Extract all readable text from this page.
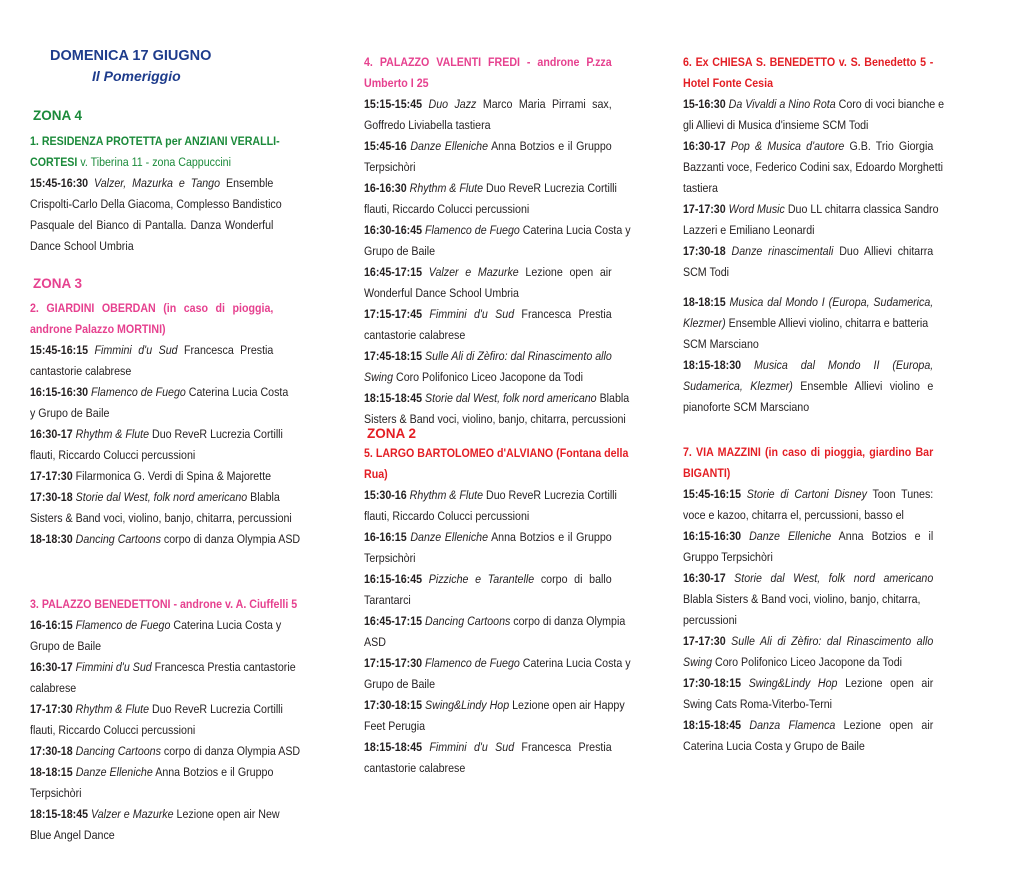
DOMENICA 17 GIUGNO
Il Pomeriggio
ZONA 4
1. RESIDENZA PROTETTA per ANZIANI VERALLI-
CORTESI v. Tiberina 11 - zona Cappuccini
15:45-16:30 Valzer, Mazurka e Tango Ensemble
Crispolti-Carlo Della Giacoma, Complesso Bandistico
Pasquale del Bianco di Pantalla. Danza Wonderful
Dance School Umbria
ZONA 3
2. GIARDINI OBERDAN (in caso di pioggia,
androne Palazzo MORTINI)
15:45-16:15 Fimmini d'u Sud Francesca Prestia
cantastorie calabrese
16:15-16:30 Flamenco de Fuego Caterina Lucia Costa
y Grupo de Baile
16:30-17 Rhythm & Flute Duo ReveR Lucrezia Cortilli
flauti, Riccardo Colucci percussioni
17-17:30 Filarmonica G. Verdi di Spina & Majorette
17:30-18 Storie dal West, folk nord americano Blabla
Sisters & Band voci, violino, banjo, chitarra, percussioni
18-18:30 Dancing Cartoons corpo di danza Olympia ASD
3. PALAZZO BENEDETTONI - androne v. A. Ciuffelli 5
16-16:15 Flamenco de Fuego Caterina Lucia Costa y
Grupo de Baile
16:30-17 Fimmini d'u Sud Francesca Prestia cantastorie
calabrese
17-17:30 Rhythm & Flute Duo ReveR Lucrezia Cortilli
flauti, Riccardo Colucci percussioni
17:30-18 Dancing Cartoons corpo di danza Olympia ASD
18-18:15 Danze Elleniche Anna Botzios e il Gruppo
Terpsichòri
18:15-18:45 Valzer e Mazurke Lezione open air New
Blue Angel Dance
4. PALAZZO VALENTI FREDI - androne P.zza
Umberto I 25
15:15-15:45 Duo Jazz Marco Maria Pirrami sax,
Goffredo Liviabella tastiera
15:45-16 Danze Elleniche Anna Botzios e il Gruppo
Terpsichòri
16-16:30 Rhythm & Flute Duo ReveR Lucrezia Cortilli
flauti, Riccardo Colucci percussioni
16:30-16:45 Flamenco de Fuego Caterina Lucia Costa y
Grupo de Baile
16:45-17:15 Valzer e Mazurke Lezione open air
Wonderful Dance School Umbria
17:15-17:45 Fimmini d'u Sud Francesca Prestia
cantastorie calabrese
17:45-18:15 Sulle Ali di Zèfiro: dal Rinascimento allo
Swing Coro Polifonico Liceo Jacopone da Todi
18:15-18:45 Storie dal West, folk nord americano Blabla
Sisters & Band voci, violino, banjo, chitarra, percussioni
ZONA 2
5. LARGO BARTOLOMEO d'ALVIANO (Fontana della
Rua)
15:30-16 Rhythm & Flute Duo ReveR Lucrezia Cortilli
flauti, Riccardo Colucci percussioni
16-16:15 Danze Elleniche Anna Botzios e il Gruppo
Terpsichòri
16:15-16:45 Pizziche e Tarantelle corpo di ballo
Tarantarci
16:45-17:15 Dancing Cartoons corpo di danza Olympia
ASD
17:15-17:30 Flamenco de Fuego Caterina Lucia Costa y
Grupo de Baile
17:30-18:15 Swing&Lindy Hop Lezione open air Happy
Feet Perugia
18:15-18:45 Fimmini d'u Sud Francesca Prestia
cantastorie calabrese
6. Ex CHIESA S. BENEDETTO v. S. Benedetto 5 -
Hotel Fonte Cesia
15-16:30 Da Vivaldi a Nino Rota Coro di voci bianche e
gli Allievi di Musica d'insieme SCM Todi
16:30-17 Pop & Musica d'autore G.B. Trio Giorgia
Bazzanti voce, Federico Codini sax, Edoardo Morghetti
tastiera
17-17:30 Word Music Duo LL chitarra classica Sandro
Lazzeri e Emiliano Leonardi
17:30-18 Danze rinascimentali Duo Allievi chitarra
SCM Todi
18-18:15 Musica dal Mondo I (Europa, Sudamerica,
Klezmer) Ensemble Allievi violino, chitarra e batteria
SCM Marsciano
18:15-18:30 Musica dal Mondo II (Europa,
Sudamerica, Klezmer) Ensemble Allievi violino e
pianoforte SCM Marsciano
7. VIA MAZZINI (in caso di pioggia, giardino Bar
BIGANTI)
15:45-16:15 Storie di Cartoni Disney Toon Tunes:
voce e kazoo, chitarra el, percussioni, basso el
16:15-16:30 Danze Elleniche Anna Botzios e il
Gruppo Terpsichòri
16:30-17 Storie dal West, folk nord americano
Blabla Sisters & Band voci, violino, banjo, chitarra,
percussioni
17-17:30 Sulle Ali di Zèfiro: dal Rinascimento allo
Swing Coro Polifonico Liceo Jacopone da Todi
17:30-18:15 Swing&Lindy Hop Lezione open air
Swing Cats Roma-Viterbo-Terni
18:15-18:45 Danza Flamenca Lezione open air
Caterina Lucia Costa y Grupo de Baile
